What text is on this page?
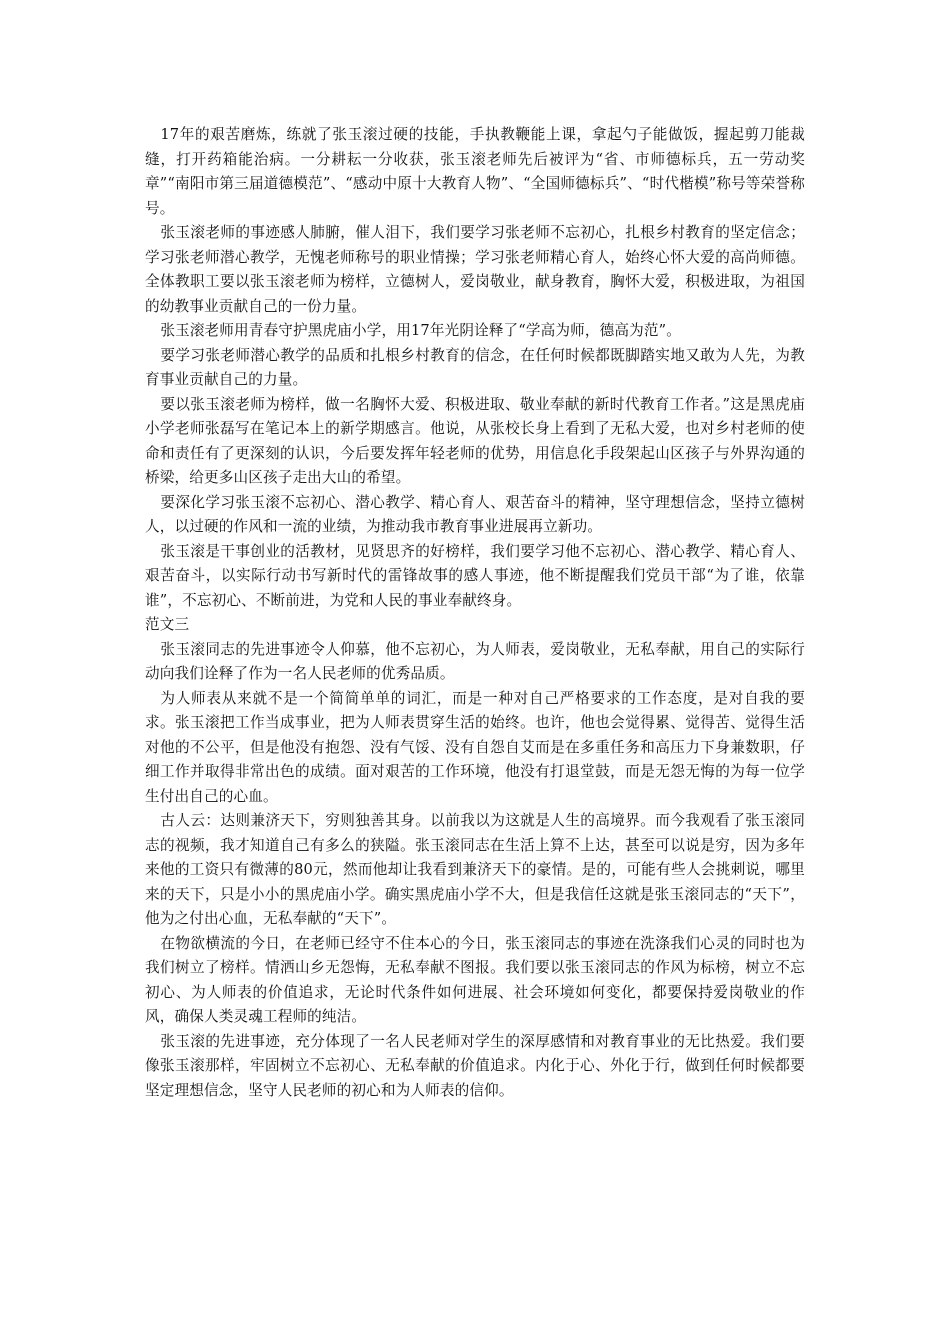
17年的艰苦磨炼，练就了张玉滚过硬的技能，手执教鞭能上课，拿起勺子能做饭，握起剪刀能裁缝，打开药箱能治病。一分耕耘一分收获，张玉滚老师先后被评为“省、市师德标兵，五一劳动奖章”“南阳市第三届道德模范”、“感动中原十大教育人物”、“全国师德标兵”、“时代楷模”称号等荣誉称号。

张玉滚老师的事迹感人肺腑，催人泪下，我们要学习张老师不忘初心，扎根乡村教育的坚定信念；学习张老师潜心教学，无愧老师称号的职业情操；学习张老师精心育人，始终心怀大爱的高尚师德。全体教职工要以张玉滚老师为榜样，立德树人，爱岗敬业，献身教育，胸怀大爱，积极进取，为祖国的幼教事业贡献自己的一份力量。

张玉滚老师用青春守护黑虎庙小学，用17年光阴诠释了“学高为师，德高为范”。

要学习张老师潜心教学的品质和扎根乡村教育的信念，在任何时候都既脚踏实地又敢为人先，为教育事业贡献自己的力量。

要以张玉滚老师为榜样，做一名胸怀大爱、积极进取、敬业奉献的新时代教育工作者。”这是黑虎庙小学老师张磊写在笔记本上的新学期感言。他说，从张校长身上看到了无私大爱，也对乡村老师的使命和责任有了更深刻的认识，今后要发挥年轻老师的优势，用信息化手段架起山区孩子与外界沟通的桥梁，给更多山区孩子走出大山的希望。

要深化学习张玉滚不忘初心、潜心教学、精心育人、艰苦奋斗的精神，坚守理想信念，坚持立德树人，以过硬的作风和一流的业绩，为推动我市教育事业进展再立新功。

张玉滚是干事创业的活教材，见贤思齐的好榜样，我们要学习他不忘初心、潜心教学、精心育人、艰苦奋斗，以实际行动书写新时代的雷锋故事的感人事迹，他不断提醒我们党员干部“为了谁，依靠谁”，不忘初心、不断前进，为党和人民的事业奉献终身。

范文三

张玉滚同志的先进事迹令人仰慕，他不忘初心，为人师表，爱岗敬业，无私奉献，用自己的实际行动向我们诠释了作为一名人民老师的优秀品质。

为人师表从来就不是一个简简单单的词汇，而是一种对自己严格要求的工作态度，是对自我的要求。张玉滚把工作当成事业，把为人师表贯穿生活的始终。也许，他也会觉得累、觉得苦、觉得生活对他的不公平，但是他没有抱怨、没有气馁、没有自怨自艾而是在多重任务和高压力下身兼数职，仔细工作并取得非常出色的成绩。面对艰苦的工作环境，他没有打退堂鼓，而是无怨无悔的为每一位学生付出自己的心血。

古人云：达则兼济天下，穷则独善其身。以前我以为这就是人生的高境界。而今我观看了张玉滚同志的视频，我才知道自己有多么的狭隘。张玉滚同志在生活上算不上达，甚至可以说是穷，因为多年来他的工资只有微薄的80元，然而他却让我看到兼济天下的豪情。是的，可能有些人会挑刺说，哪里来的天下，只是小小的黑虎庙小学。确实黑虎庙小学不大，但是我信任这就是张玉滚同志的“天下”，他为之付出心血，无私奉献的“天下”。

在物欲横流的今日，在老师已经守不住本心的今日，张玉滚同志的事迹在洗涤我们心灵的同时也为我们树立了榜样。情洒山乡无怨悔，无私奉献不图报。我们要以张玉滚同志的作风为标榜，树立不忘初心、为人师表的价值追求，无论时代条件如何进展、社会环境如何变化，都要保持爱岗敬业的作风，确保人类灵魂工程师的纯洁。

张玉滚的先进事迹，充分体现了一名人民老师对学生的深厚感情和对教育事业的无比热爱。我们要像张玉滚那样，牢固树立不忘初心、无私奉献的价值追求。内化于心、外化于行，做到任何时候都要坚定理想信念，坚守人民老师的初心和为人师表的信仰。
